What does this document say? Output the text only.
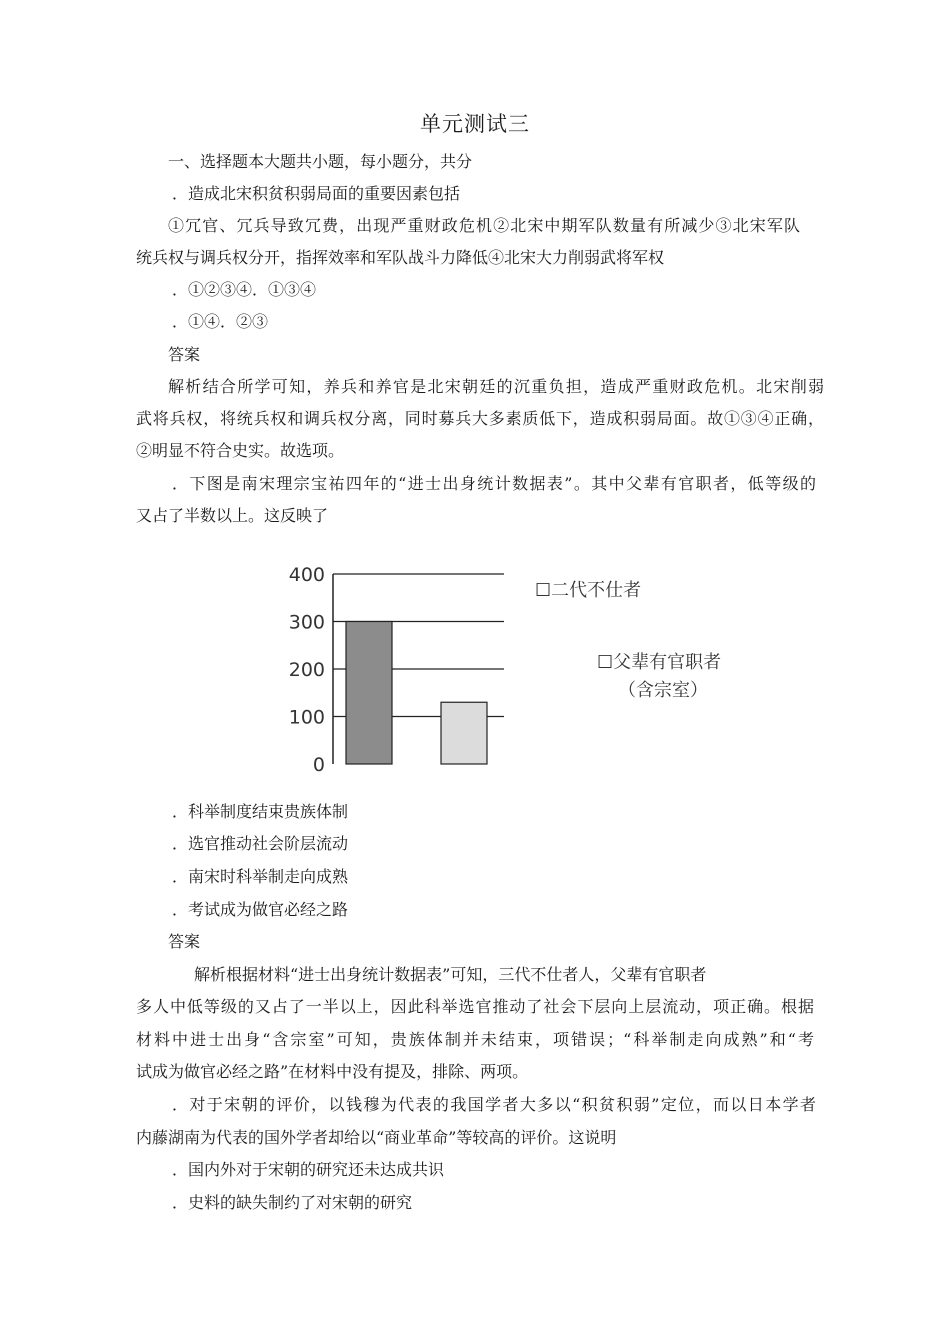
单元测试三
一、选择题本大题共小题，每小题分，共分
．造成北宋积贫积弱局面的重要因素包括
①冗官、冗兵导致冗费，出现严重财政危机②北宋中期军队数量有所减少③北宋军队
统兵权与调兵权分开，指挥效率和军队战斗力降低④北宋大力削弱武将军权
．①②③④．①③④
．①④．②③
答案
解析结合所学可知，养兵和养官是北宋朝廷的沉重负担，造成严重财政危机。北宋削弱
武将兵权，将统兵权和调兵权分离，同时募兵大多素质低下，造成积弱局面。故①③④正确，
②明显不符合史实。故选项。
．下图是南宋理宗宝祐四年的“进士出身统计数据表”。其中父辈有官职者，低等级的
又占了半数以上。这反映了
400
300
200
100
0
☐二代不仕者
☐父辈有官职者
（含宗室）
．科举制度结束贵族体制
．选官推动社会阶层流动
．南宋时科举制走向成熟
．考试成为做官必经之路
答案
解析根据材料“进士出身统计数据表”可知，三代不仕者人，父辈有官职者
多人中低等级的又占了一半以上，因此科举选官推动了社会下层向上层流动，项正确。根据
材料中进士出身“含宗室”可知，贵族体制并未结束，项错误；“科举制走向成熟”和“考
试成为做官必经之路”在材料中没有提及，排除、两项。
．对于宋朝的评价，以钱穆为代表的我国学者大多以“积贫积弱”定位，而以日本学者
内藤湖南为代表的国外学者却给以“商业革命”等较高的评价。这说明
．国内外对于宋朝的研究还未达成共识
．史料的缺失制约了对宋朝的研究
